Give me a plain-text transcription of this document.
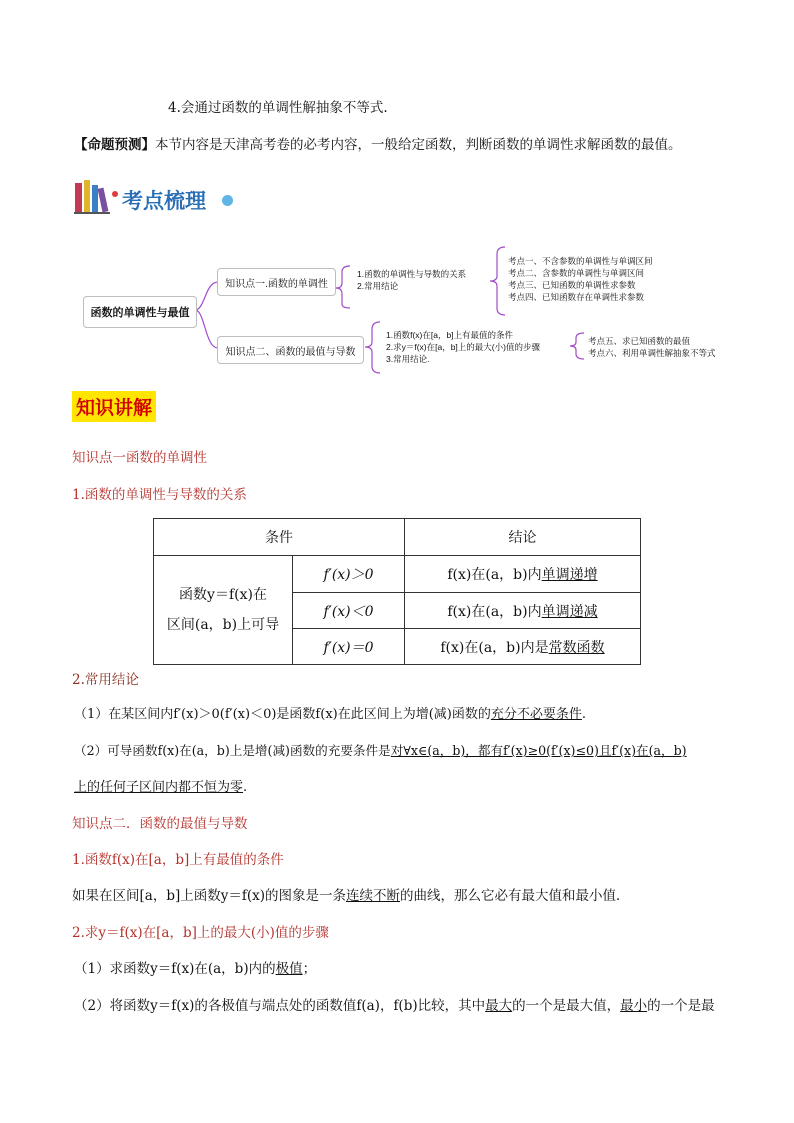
4.会通过函数的单调性解抽象不等式.
【命题预测】本节内容是天津高考卷的必考内容，一般给定函数，判断函数的单调性求解函数的最值。
考点梳理
函数的单调性与最值
知识点一.函数的单调性
知识点二、函数的最值与导数
1.函数的单调性与导数的关系
2.常用结论
考点一、不含参数的单调性与单调区间
考点二、含参数的单调性与单调区间
考点三、已知函数的单调性求参数
考点四、已知函数存在单调性求参数
1.函数f(x)在[a，b]上有最值的条件
2.求y＝f(x)在[a，b]上的最大(小)值的步骤
3.常用结论.
考点五、求已知函数的最值
考点六、利用单调性解抽象不等式
知识讲解
知识点一函数的单调性
1.函数的单调性与导数的关系
条件		结论

函数y＝f(x)在
区间(a，b)上可导	f′(x)＞0	f(x)在(a，b)内单调递增
	f′(x)＜0	f(x)在(a，b)内单调递减
	f′(x)＝0	f(x)在(a，b)内是常数函数
2.常用结论
（1）在某区间内f′(x)＞0(f′(x)＜0)是函数f(x)在此区间上为增(减)函数的充分不必要条件.
（2）可导函数f(x)在(a，b)上是增(减)函数的充要条件是对∀x∈(a，b)，都有f′(x)≥0(f′(x)≤0)且f′(x)在(a，b)
上的任何子区间内都不恒为零.
知识点二．函数的最值与导数
1.函数f(x)在[a，b]上有最值的条件
如果在区间[a，b]上函数y＝f(x)的图象是一条连续不断的曲线，那么它必有最大值和最小值．
2.求y＝f(x)在[a，b]上的最大(小)值的步骤
（1）求函数y＝f(x)在(a，b)内的极值；
（2）将函数y＝f(x)的各极值与端点处的函数值f(a)，f(b)比较，其中最大的一个是最大值，最小的一个是最
